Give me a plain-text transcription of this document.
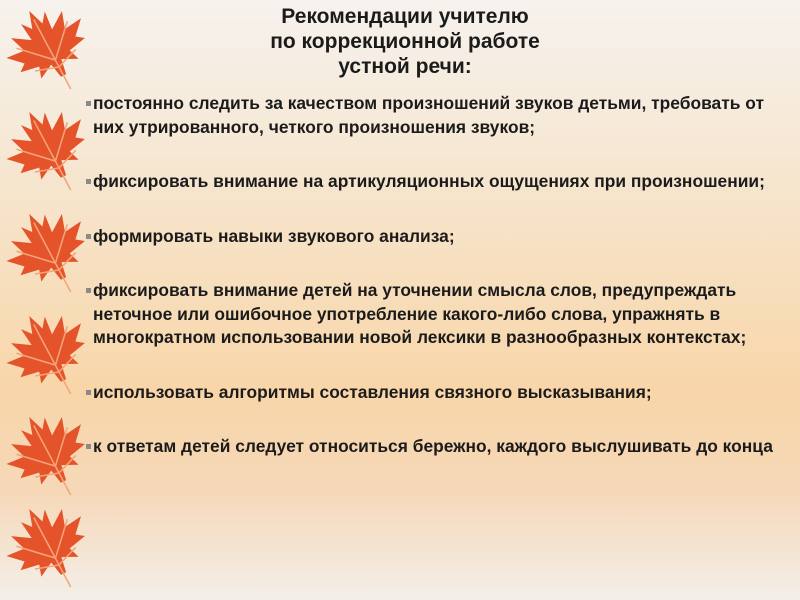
Рекомендации учителю
по коррекционной работе
устной речи:
постоянно следить за качеством произношений звуков детьми, требовать от них утрированного, четкого произношения звуков;
фиксировать внимание на артикуляционных ощущениях при произношении;
формировать навыки звукового анализа;
фиксировать внимание детей на уточнении смысла слов, предупреждать неточное или ошибочное употребление какого-либо слова, упражнять в многократном использовании новой лексики в разнообразных контекстах;
использовать алгоритмы составления связного высказывания;
к ответам детей следует относиться бережно, каждого выслушивать до конца
